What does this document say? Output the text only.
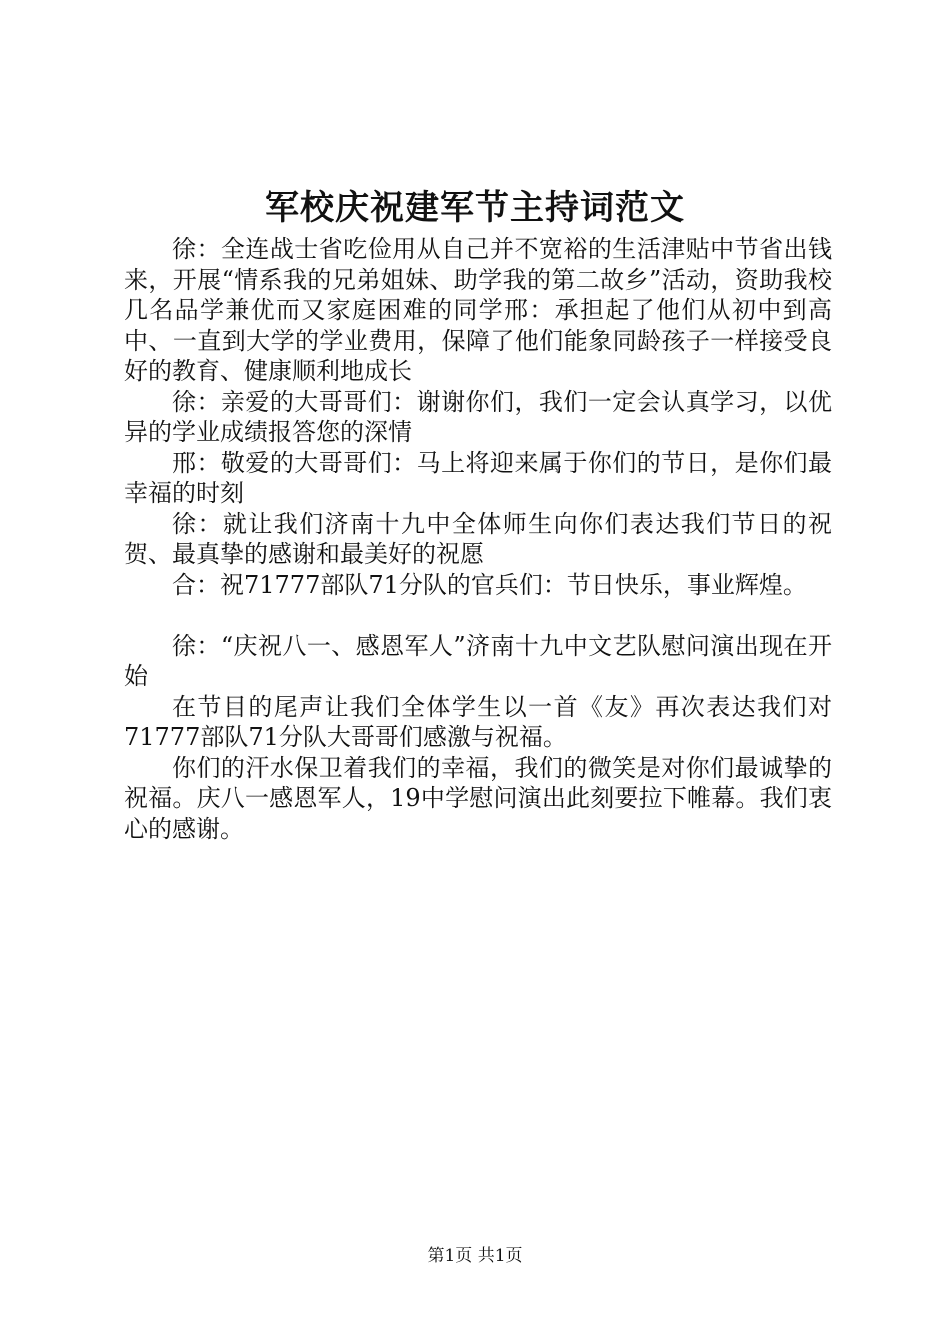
军校庆祝建军节主持词范文

徐：全连战士省吃俭用从自己并不宽裕的生活津贴中节省出钱来，开展“情系我的兄弟姐妹、助学我的第二故乡”活动，资助我校几名品学兼优而又家庭困难的同学邢：承担起了他们从初中到高中、一直到大学的学业费用，保障了他们能象同龄孩子一样接受良好的教育、健康顺利地成长

徐：亲爱的大哥哥们：谢谢你们，我们一定会认真学习，以优异的学业成绩报答您的深情

邢：敬爱的大哥哥们：马上将迎来属于你们的节日，是你们最幸福的时刻

徐：就让我们济南十九中全体师生向你们表达我们节日的祝贺、最真挚的感谢和最美好的祝愿

合：祝71777部队71分队的官兵们：节日快乐，事业辉煌。

徐：“庆祝八一、感恩军人”济南十九中文艺队慰问演出现在开始

在节目的尾声让我们全体学生以一首《友》再次表达我们对71777部队71分队大哥哥们感激与祝福。

你们的汗水保卫着我们的幸福，我们的微笑是对你们最诚挚的祝福。庆八一感恩军人，19中学慰问演出此刻要拉下帷幕。我们衷心的感谢。

第1页 共1页
